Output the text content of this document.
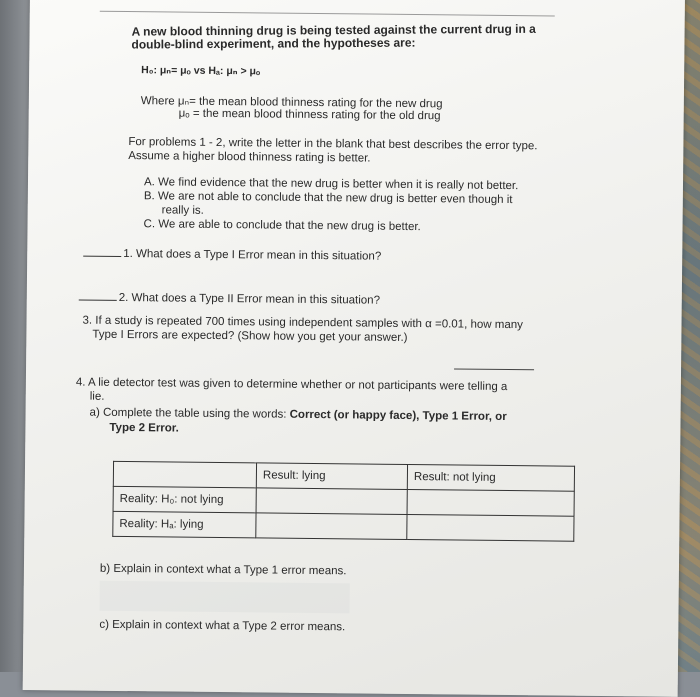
A new blood thinning drug is being tested against the current drug in a
double-blind experiment, and the hypotheses are:
H₀: μₙ= μₒ vs Hₐ: μₙ > μₒ
Where μₙ= the mean blood thinness rating for the new drug
μₒ = the mean blood thinness rating for the old drug
For problems 1 - 2, write the letter in the blank that best describes the error type.
Assume a higher blood thinness rating is better.
A. We find evidence that the new drug is better when it is really not better.
B. We are not able to conclude that the new drug is better even though it
really is.
C. We are able to conclude that the new drug is better.
1. What does a Type I Error mean in this situation?
2. What does a Type II Error mean in this situation?
3. If a study is repeated 700 times using independent samples with α =0.01, how many
Type I Errors are expected? (Show how you get your answer.)
4. A lie detector test was given to determine whether or not participants were telling a
lie.
a) Complete the table using the words: Correct (or happy face), Type 1 Error, or
Type 2 Error.
	Result: lying	Result: not lying
Reality: H₀: not lying		
Reality: Hₐ: lying		
b) Explain in context what a Type 1 error means.
c) Explain in context what a Type 2 error means.
